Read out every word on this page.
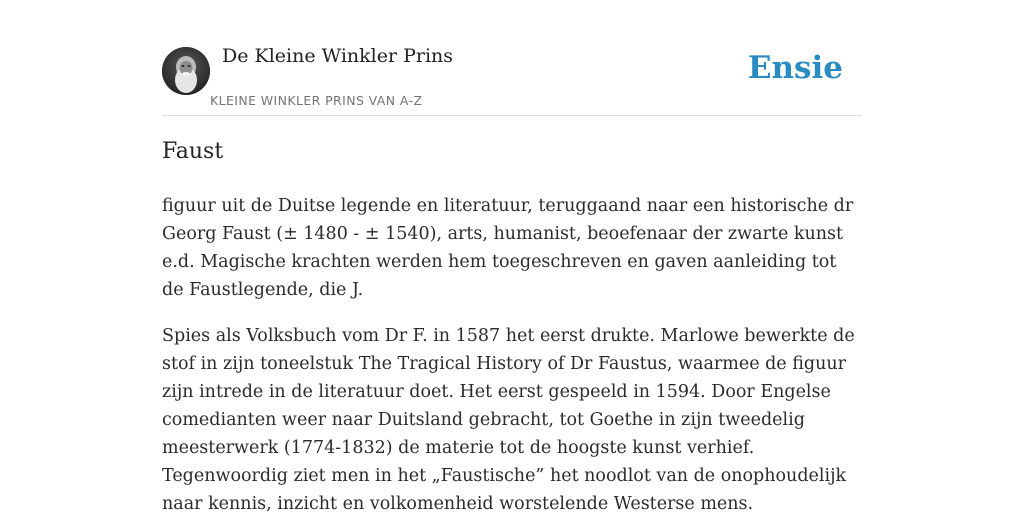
De Kleine Winkler Prins
KLEINE WINKLER PRINS VAN A-Z
Ensie
Faust

figuur uit de Duitse legende en literatuur, teruggaand naar een historische dr Georg Faust (± 1480 - ± 1540), arts, humanist, beoefenaar der zwarte kunst e.d. Magische krachten werden hem toegeschreven en gaven aanleiding tot de Faustlegende, die J.

Spies als Volksbuch vom Dr F. in 1587 het eerst drukte. Marlowe bewerkte de stof in zijn toneelstuk The Tragical History of Dr Faustus, waarmee de figuur zijn intrede in de literatuur doet. Het eerst gespeeld in 1594. Door Engelse comedianten weer naar Duitsland gebracht, tot Goethe in zijn tweedelig meesterwerk (1774-1832) de materie tot de hoogste kunst verhief. Tegenwoordig ziet men in het „Faustische” het noodlot van de onophoudelijk naar kennis, inzicht en volkomenheid worstelende Westerse mens.
